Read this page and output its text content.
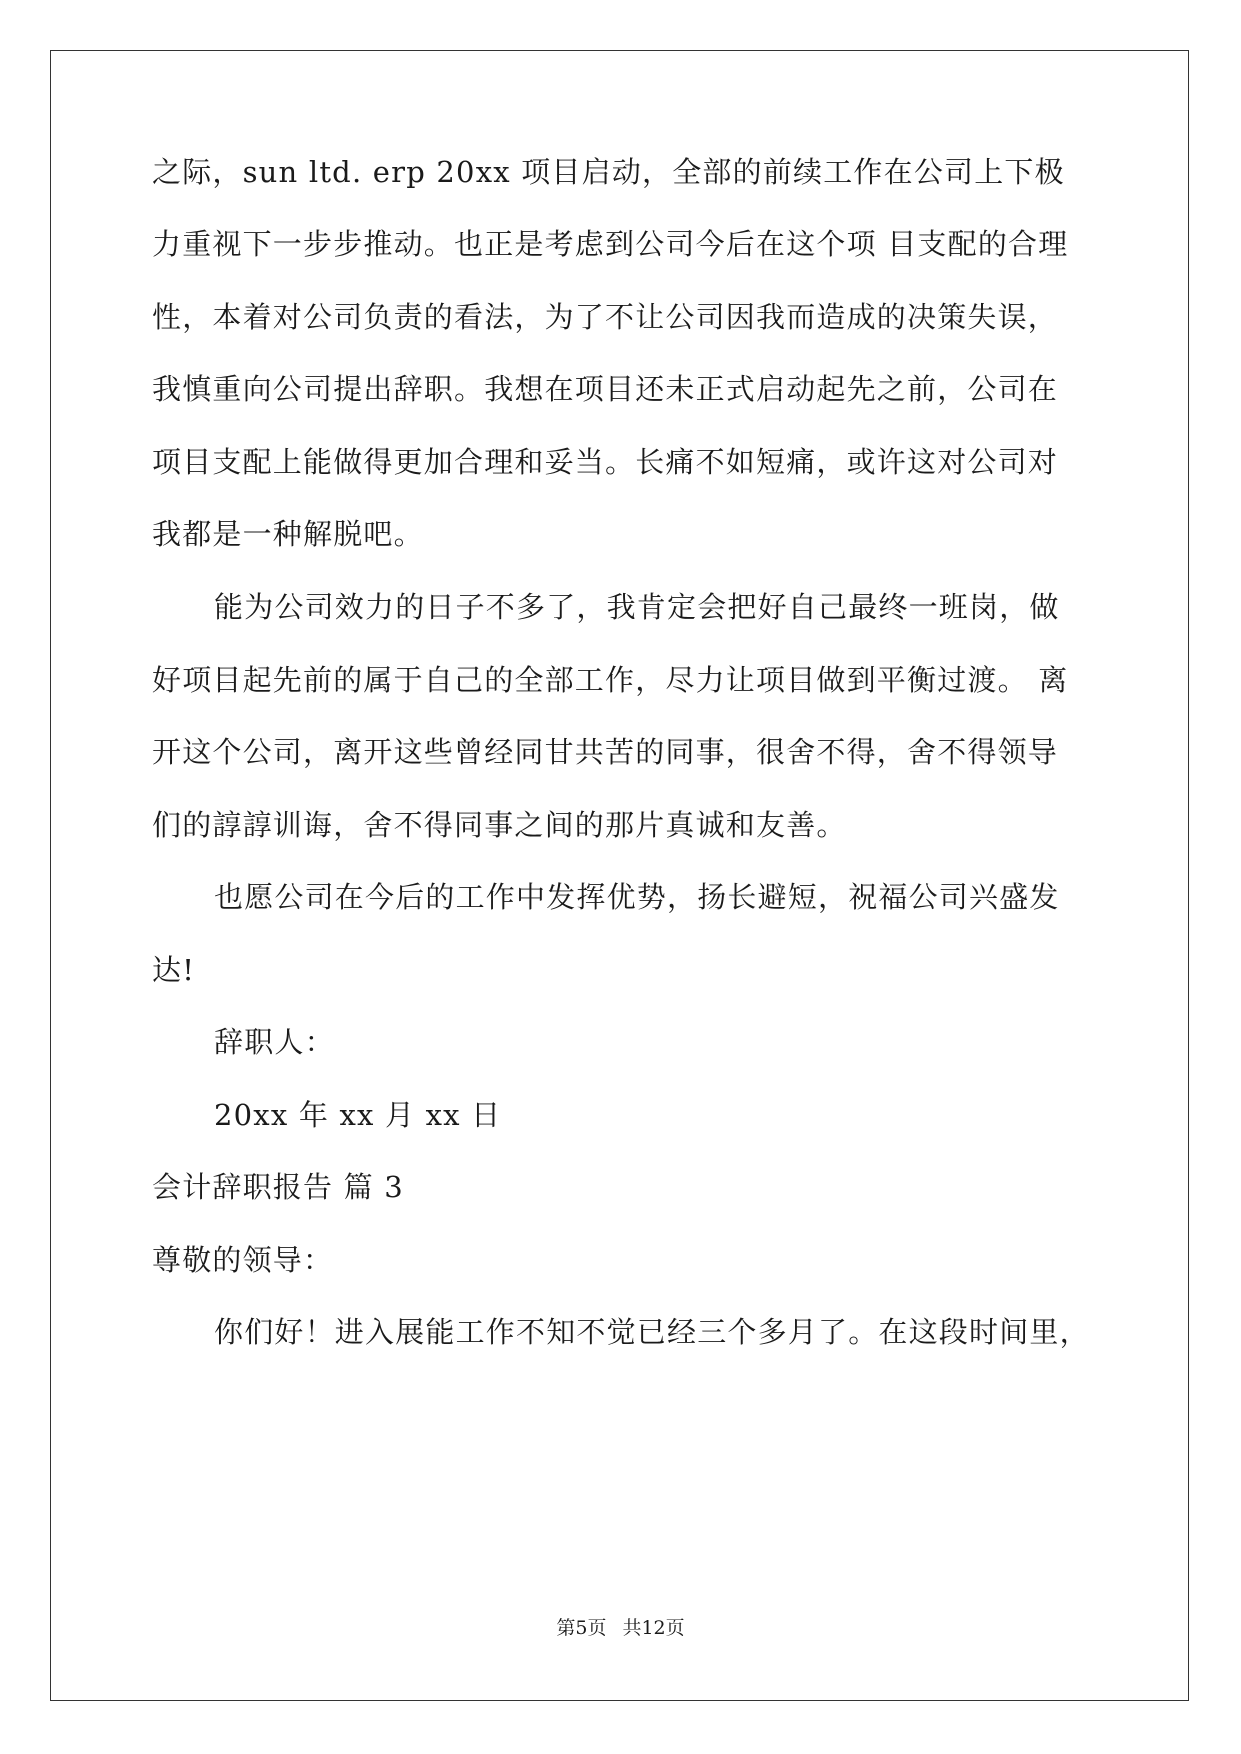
之际，sun ltd. erp 20xx 项目启动，全部的前续工作在公司上下极
力重视下一步步推动。也正是考虑到公司今后在这个项 目支配的合理
性，本着对公司负责的看法，为了不让公司因我而造成的决策失误，
我慎重向公司提出辞职。我想在项目还未正式启动起先之前，公司在
项目支配上能做得更加合理和妥当。长痛不如短痛，或许这对公司对
我都是一种解脱吧。
能为公司效力的日子不多了，我肯定会把好自己最终一班岗，做
好项目起先前的属于自己的全部工作，尽力让项目做到平衡过渡。 离
开这个公司，离开这些曾经同甘共苦的同事，很舍不得，舍不得领导
们的諄諄训诲，舍不得同事之间的那片真诚和友善。
也愿公司在今后的工作中发挥优势，扬长避短，祝福公司兴盛发
达!
辞职人：
20xx 年 xx 月 xx 日
会计辞职报告 篇 3
尊敬的领导：
你们好！进入展能工作不知不觉已经三个多月了。在这段时间里，
第5页 共12页
